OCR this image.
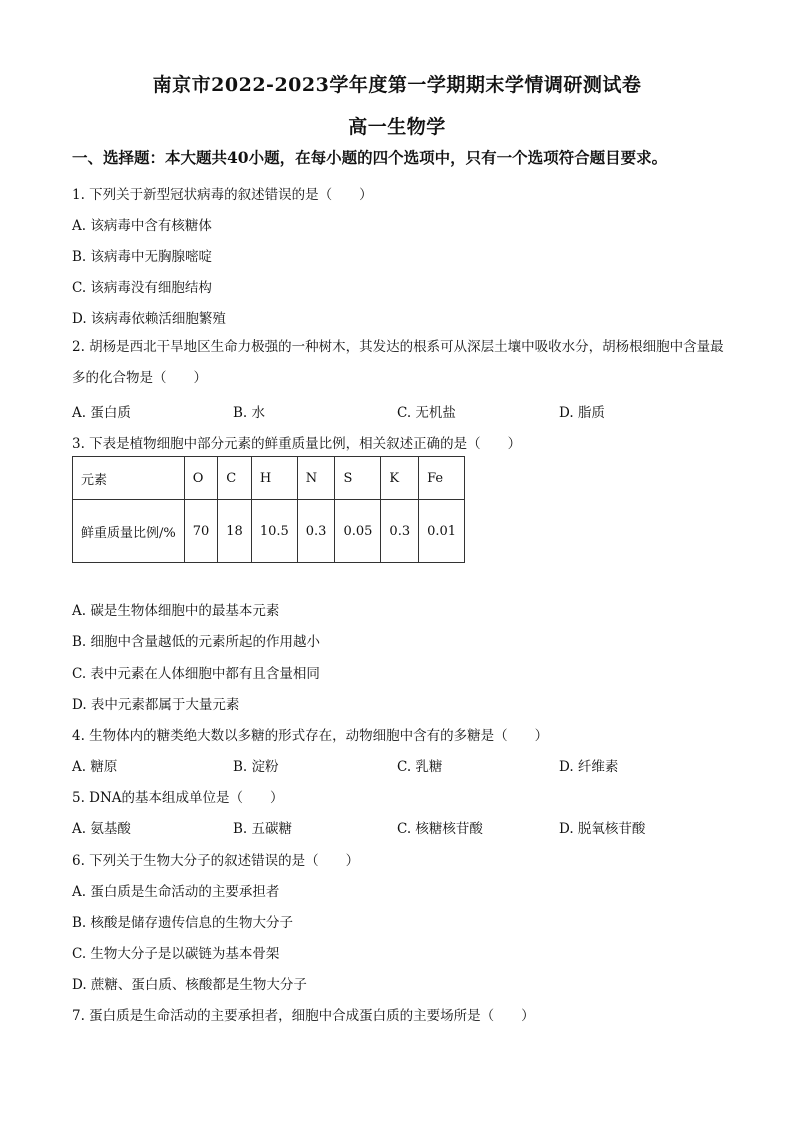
南京市2022-2023学年度第一学期期末学情调研测试卷
高一生物学
一、选择题：本大题共40小题，在每小题的四个选项中，只有一个选项符合题目要求。
1. 下列关于新型冠状病毒的叙述错误的是（　　）
A. 该病毒中含有核糖体
B. 该病毒中无胸腺嘧啶
C. 该病毒没有细胞结构
D. 该病毒依赖活细胞繁殖
2. 胡杨是西北干旱地区生命力极强的一种树木，其发达的根系可从深层土壤中吸收水分，胡杨根细胞中含量最多的化合物是（　　）
A. 蛋白质	B. 水	C. 无机盐	D. 脂质
3. 下表是植物细胞中部分元素的鲜重质量比例，相关叙述正确的是（　　）
元素	O	C	H	N	S	K	Fe
鲜重质量比例/%	70	18	10.5	0.3	0.05	0.3	0.01
A. 碳是生物体细胞中的最基本元素
B. 细胞中含量越低的元素所起的作用越小
C. 表中元素在人体细胞中都有且含量相同
D. 表中元素都属于大量元素
4. 生物体内的糖类绝大数以多糖的形式存在，动物细胞中含有的多糖是（　　）
A. 糖原	B. 淀粉	C. 乳糖	D. 纤维素
5. DNA的基本组成单位是（　　）
A. 氨基酸	B. 五碳糖	C. 核糖核苷酸	D. 脱氧核苷酸
6. 下列关于生物大分子的叙述错误的是（　　）
A. 蛋白质是生命活动的主要承担者
B. 核酸是储存遗传信息的生物大分子
C. 生物大分子是以碳链为基本骨架
D. 蔗糖、蛋白质、核酸都是生物大分子
7. 蛋白质是生命活动的主要承担者，细胞中合成蛋白质的主要场所是（　　）
